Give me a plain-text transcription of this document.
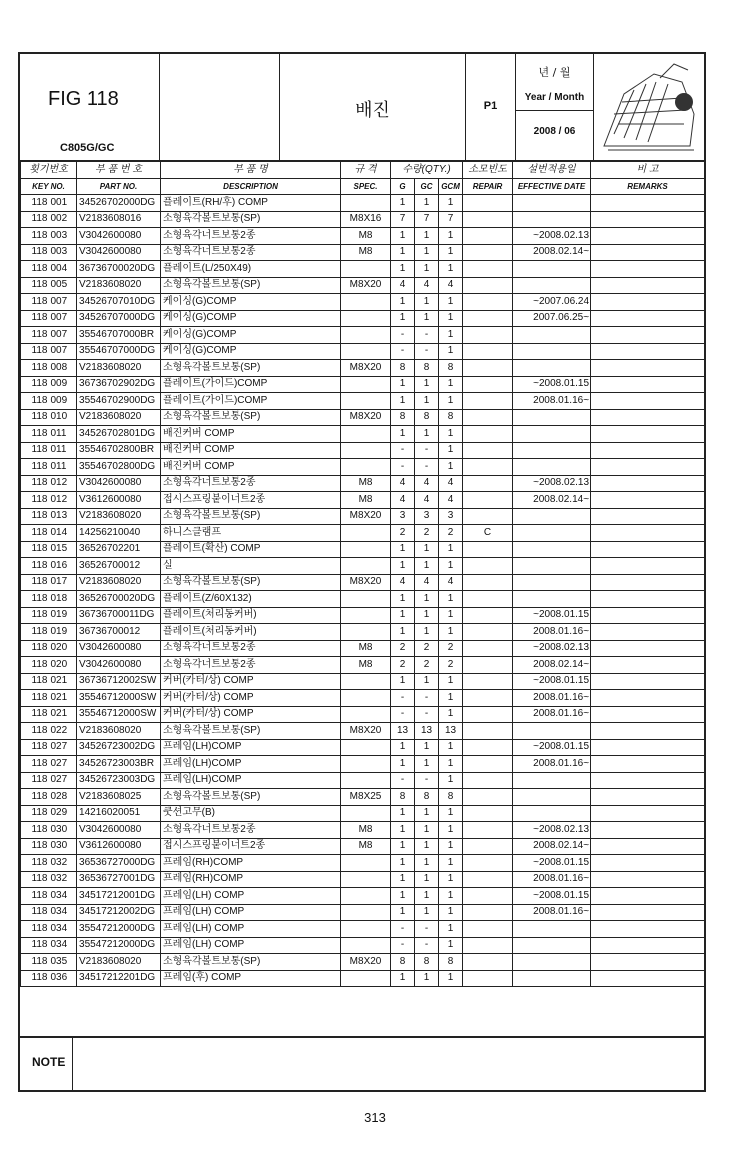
FIG 118
C805G/GC
배진	P1
년 / 월
Year / Month
2008 / 06
횟기번호		부 품 번 호	부 품 명	규 격	수량(QTY.)			소모빈도	설번적용일	비 고
KEY NO.		PART NO.	DESCRIPTION	SPEC.	G	GC	GCM	REPAIR	EFFECTIVE DATE	REMARKS
118	001	34526702000DG	플레이트(RH/후) COMP		1	1	1			
118	002	V2183608016	소형육각볼트보통(SP)	M8X16	7	7	7			
118	003	V3042600080	소형육각너트보통2종	M8	1	1	1		~2008.02.13	
118	003	V3042600080	소형육각너트보통2종	M8	1	1	1		2008.02.14~	
118	004	36736700020DG	플레이트(L/250X49)		1	1	1			
118	005	V2183608020	소형육각볼트보통(SP)	M8X20	4	4	4			
118	007	34526707010DG	케이싱(G)COMP		1	1	1		~2007.06.24	
118	007	34526707000DG	케이싱(G)COMP		1	1	1		2007.06.25~	
118	007	35546707000BR	케이싱(G)COMP		-	-	1			
118	007	35546707000DG	케이싱(G)COMP		-	-	1			
118	008	V2183608020	소형육각볼트보통(SP)	M8X20	8	8	8			
118	009	36736702902DG	플레이트(가이드)COMP		1	1	1		~2008.01.15	
118	009	35546702900DG	플레이트(가이드)COMP		1	1	1		2008.01.16~	
118	010	V2183608020	소형육각볼트보통(SP)	M8X20	8	8	8			
118	011	34526702801DG	배진커버 COMP		1	1	1			
118	011	35546702800BR	배진커버 COMP		-	-	1			
118	011	35546702800DG	배진커버 COMP		-	-	1			
118	012	V3042600080	소형육각너트보통2종	M8	4	4	4		~2008.02.13	
118	012	V3612600080	접시스프링붙이너트2종	M8	4	4	4		2008.02.14~	
118	013	V2183608020	소형육각볼트보통(SP)	M8X20	3	3	3			
118	014	14256210040	하니스클램프		2	2	2	C		
118	015	36526702201	플레이트(확산) COMP		1	1	1			
118	016	36526700012	실		1	1	1			
118	017	V2183608020	소형육각볼트보통(SP)	M8X20	4	4	4			
118	018	36526700020DG	플레이트(Z/60X132)		1	1	1			
118	019	36736700011DG	플레이트(처리동커버)		1	1	1		~2008.01.15	
118	019	36736700012	플레이트(처리동커버)		1	1	1		2008.01.16~	
118	020	V3042600080	소형육각너트보통2종	M8	2	2	2		~2008.02.13	
118	020	V3042600080	소형육각너트보통2종	M8	2	2	2		2008.02.14~	
118	021	36736712002SW	커버(카터/상) COMP		1	1	1		~2008.01.15	
118	021	35546712000SW	커버(카터/상) COMP		-	-	1		2008.01.16~	
118	021	35546712000SW	커버(카터/상) COMP		-	-	1		2008.01.16~	
118	022	V2183608020	소형육각볼트보통(SP)	M8X20	13	13	13			
118	027	34526723002DG	프레임(LH)COMP		1	1	1		~2008.01.15	
118	027	34526723003BR	프레임(LH)COMP		1	1	1		2008.01.16~	
118	027	34526723003DG	프레임(LH)COMP		-	-	1			
118	028	V2183608025	소형육각볼트보통(SP)	M8X25	8	8	8			
118	029	14216020051	쿳션고무(B)		1	1	1			
118	030	V3042600080	소형육각너트보통2종	M8	1	1	1		~2008.02.13	
118	030	V3612600080	접시스프링붙이너트2종	M8	1	1	1		2008.02.14~	
118	032	36536727000DG	프레임(RH)COMP		1	1	1		~2008.01.15	
118	032	36536727001DG	프레임(RH)COMP		1	1	1		2008.01.16~	
118	034	34517212001DG	프레임(LH) COMP		1	1	1		~2008.01.15	
118	034	34517212002DG	프레임(LH) COMP		1	1	1		2008.01.16~	
118	034	35547212000DG	프레임(LH) COMP		-	-	1			
118	034	35547212000DG	프레임(LH) COMP		-	-	1			
118	035	V2183608020	소형육각볼트보통(SP)	M8X20	8	8	8			
118	036	34517212201DG	프레임(후) COMP		1	1	1			
NOTE
313
